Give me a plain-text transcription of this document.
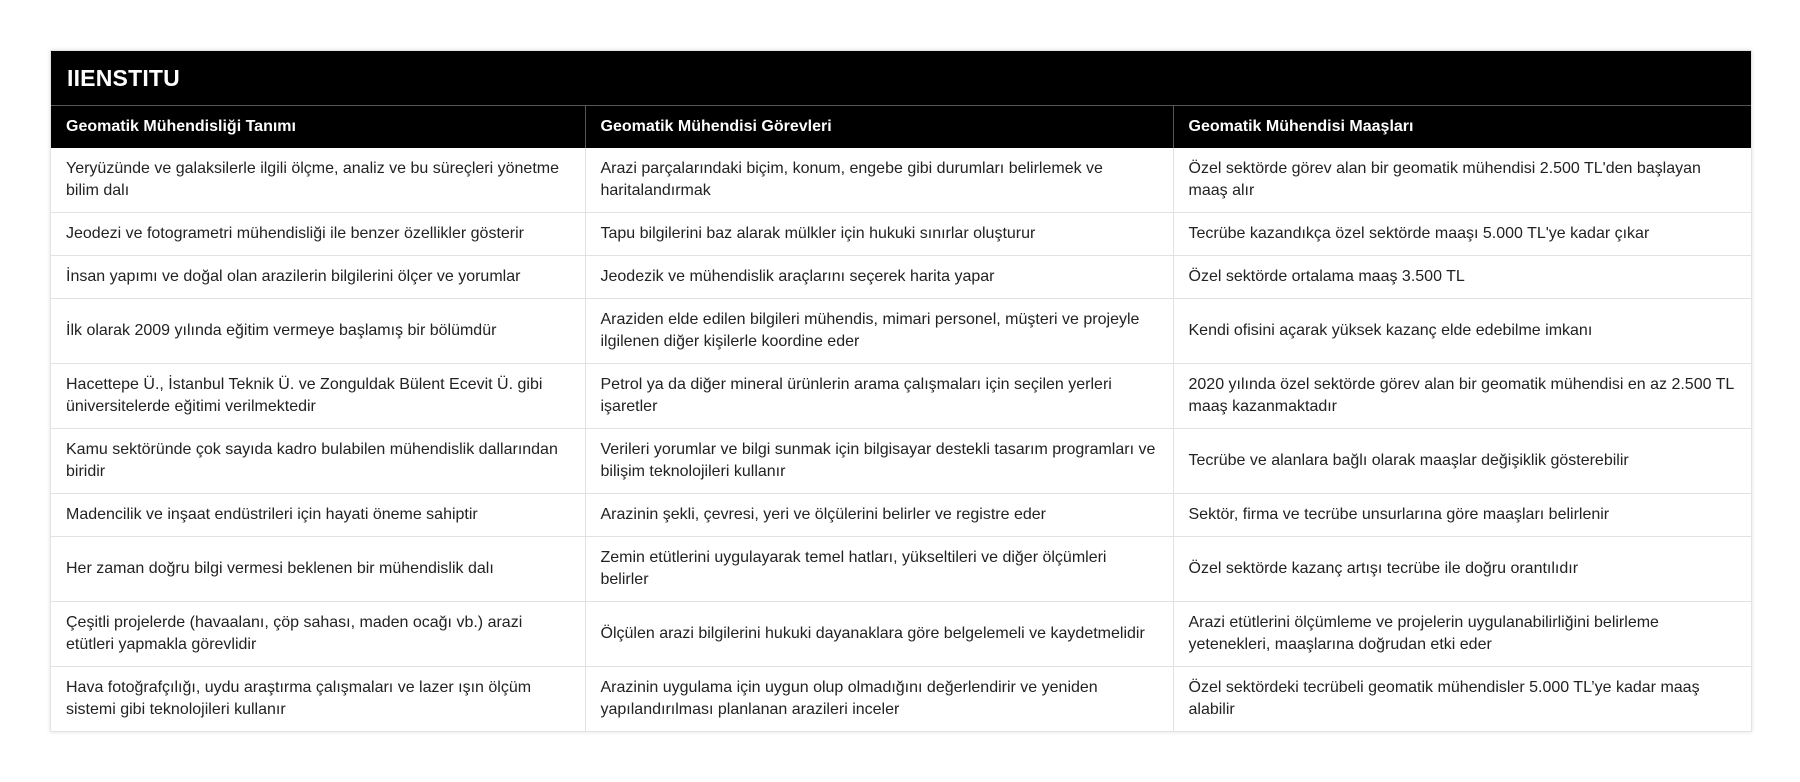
IIENSTITU
Geomatik Mühendisliği Tanımı	Geomatik Mühendisi Görevleri	Geomatik Mühendisi Maaşları
Yeryüzünde ve galaksilerle ilgili ölçme, analiz ve bu süreçleri yönetme bilim dalı	Arazi parçalarındaki biçim, konum, engebe gibi durumları belirlemek ve haritalandırmak	Özel sektörde görev alan bir geomatik mühendisi 2.500 TL'den başlayan maaş alır
Jeodezi ve fotogrametri mühendisliği ile benzer özellikler gösterir	Tapu bilgilerini baz alarak mülkler için hukuki sınırlar oluşturur	Tecrübe kazandıkça özel sektörde maaşı 5.000 TL'ye kadar çıkar
İnsan yapımı ve doğal olan arazilerin bilgilerini ölçer ve yorumlar	Jeodezik ve mühendislik araçlarını seçerek harita yapar	Özel sektörde ortalama maaş 3.500 TL
İlk olarak 2009 yılında eğitim vermeye başlamış bir bölümdür	Araziden elde edilen bilgileri mühendis, mimari personel, müşteri ve projeyle ilgilenen diğer kişilerle koordine eder	Kendi ofisini açarak yüksek kazanç elde edebilme imkanı
Hacettepe Ü., İstanbul Teknik Ü. ve Zonguldak Bülent Ecevit Ü. gibi üniversitelerde eğitimi verilmektedir	Petrol ya da diğer mineral ürünlerin arama çalışmaları için seçilen yerleri işaretler	2020 yılında özel sektörde görev alan bir geomatik mühendisi en az 2.500 TL maaş kazanmaktadır
Kamu sektöründe çok sayıda kadro bulabilen mühendislik dallarından biridir	Verileri yorumlar ve bilgi sunmak için bilgisayar destekli tasarım programları ve bilişim teknolojileri kullanır	Tecrübe ve alanlara bağlı olarak maaşlar değişiklik gösterebilir
Madencilik ve inşaat endüstrileri için hayati öneme sahiptir	Arazinin şekli, çevresi, yeri ve ölçülerini belirler ve registre eder	Sektör, firma ve tecrübe unsurlarına göre maaşları belirlenir
Her zaman doğru bilgi vermesi beklenen bir mühendislik dalı	Zemin etütlerini uygulayarak temel hatları, yükseltileri ve diğer ölçümleri belirler	Özel sektörde kazanç artışı tecrübe ile doğru orantılıdır
Çeşitli projelerde (havaalanı, çöp sahası, maden ocağı vb.) arazi etütleri yapmakla görevlidir	Ölçülen arazi bilgilerini hukuki dayanaklara göre belgelemeli ve kaydetmelidir	Arazi etütlerini ölçümleme ve projelerin uygulanabilirliğini belirleme yetenekleri, maaşlarına doğrudan etki eder
Hava fotoğrafçılığı, uydu araştırma çalışmaları ve lazer ışın ölçüm sistemi gibi teknolojileri kullanır	Arazinin uygulama için uygun olup olmadığını değerlendirir ve yeniden yapılandırılması planlanan arazileri inceler	Özel sektördeki tecrübeli geomatik mühendisler 5.000 TL’ye kadar maaş alabilir
